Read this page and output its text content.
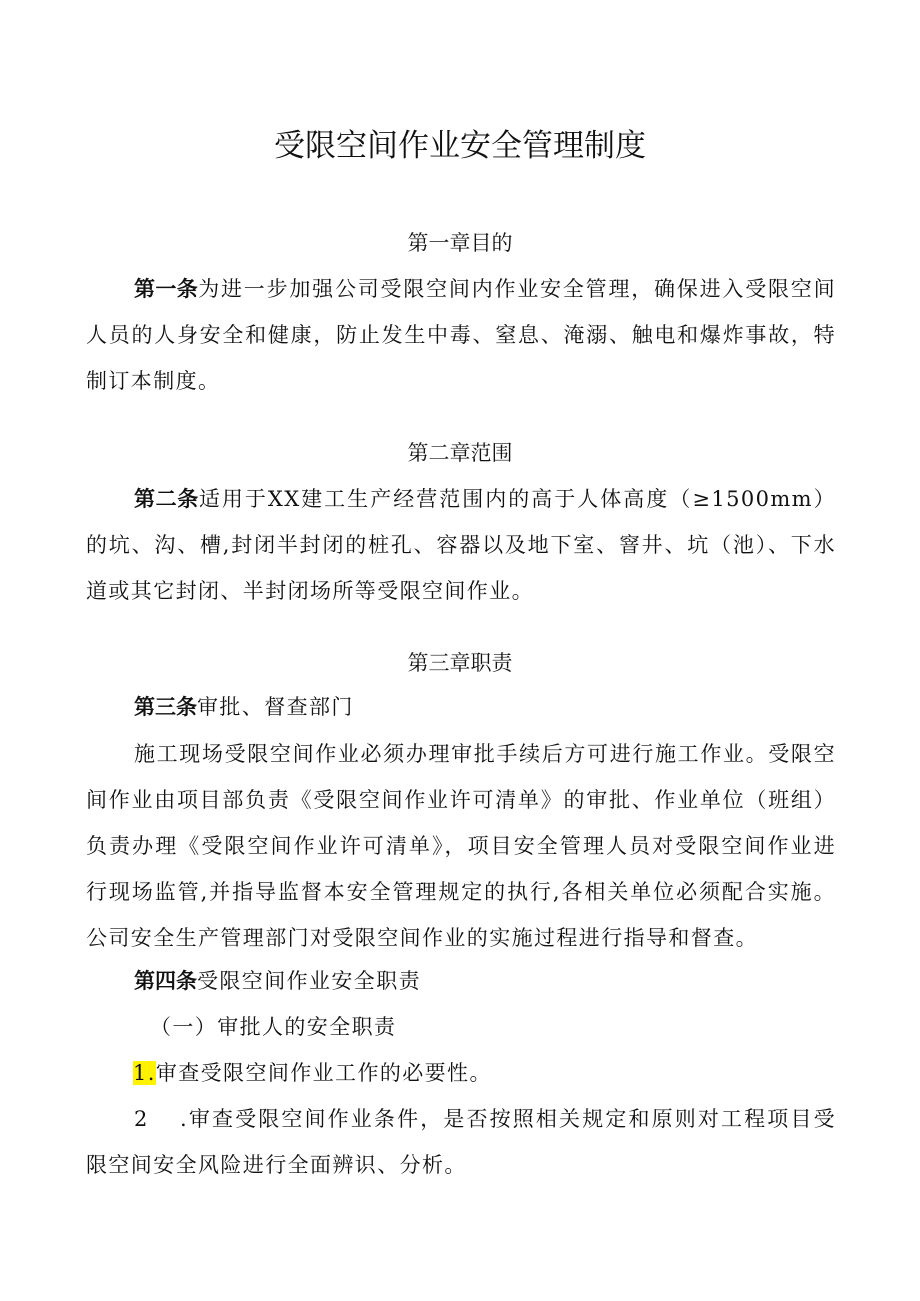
受限空间作业安全管理制度
第一章目的
第一条为进一步加强公司受限空间内作业安全管理，确保进入受限空间人员的人身安全和健康，防止发生中毒、窒息、淹溺、触电和爆炸事故，特制订本制度。
第二章范围
第二条适用于XX建工生产经营范围内的高于人体高度（≥1500mm）的坑、沟、槽,封闭半封闭的桩孔、容器以及地下室、窨井、坑（池）、下水道或其它封闭、半封闭场所等受限空间作业。
第三章职责
第三条审批、督查部门
施工现场受限空间作业必须办理审批手续后方可进行施工作业。受限空间作业由项目部负责《受限空间作业许可清单》的审批、作业单位（班组）负责办理《受限空间作业许可清单》，项目安全管理人员对受限空间作业进行现场监管,并指导监督本安全管理规定的执行,各相关单位必须配合实施。公司安全生产管理部门对受限空间作业的实施过程进行指导和督查。
第四条受限空间作业安全职责
（一）审批人的安全职责
1.审查受限空间作业工作的必要性。
2 .审查受限空间作业条件，是否按照相关规定和原则对工程项目受限空间安全风险进行全面辨识、分析。
